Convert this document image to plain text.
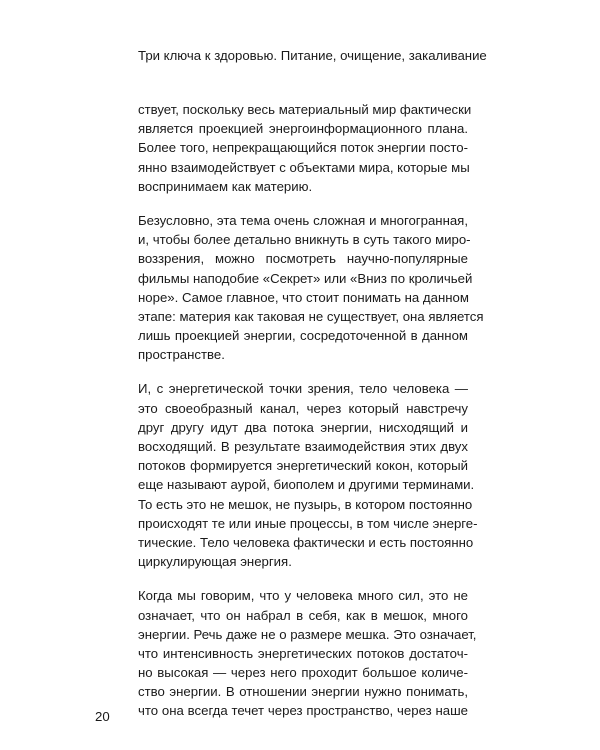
Три ключа к здоровью. Питание, очищение, закаливание
ствует, поскольку весь материальный мир фактически
является проекцией энергоинформационного плана.
Более того, непрекращающийся поток энергии посто-
янно взаимодействует с объектами мира, которые мы
воспринимаем как материю.
Безусловно, эта тема очень сложная и многогранная,
и, чтобы более детально вникнуть в суть такого миро-
воззрения, можно посмотреть научно-популярные
фильмы наподобие «Секрет» или «Вниз по кроличьей
норе». Самое главное, что стоит понимать на данном
этапе: материя как таковая не существует, она является
лишь проекцией энергии, сосредоточенной в данном
пространстве.
И, с энергетической точки зрения, тело человека —
это своеобразный канал, через который навстречу
друг другу идут два потока энергии, нисходящий и
восходящий. В результате взаимодействия этих двух
потоков формируется энергетический кокон, который
еще называют аурой, биополем и другими терминами.
То есть это не мешок, не пузырь, в котором постоянно
происходят те или иные процессы, в том числе энерге-
тические. Тело человека фактически и есть постоянно
циркулирующая энергия.
Когда мы говорим, что у человека много сил, это не
означает, что он набрал в себя, как в мешок, много
энергии. Речь даже не о размере мешка. Это означает,
что интенсивность энергетических потоков достаточ-
но высокая — через него проходит большое количе-
ство энергии. В отношении энергии нужно понимать,
что она всегда течет через пространство, через наше
20
